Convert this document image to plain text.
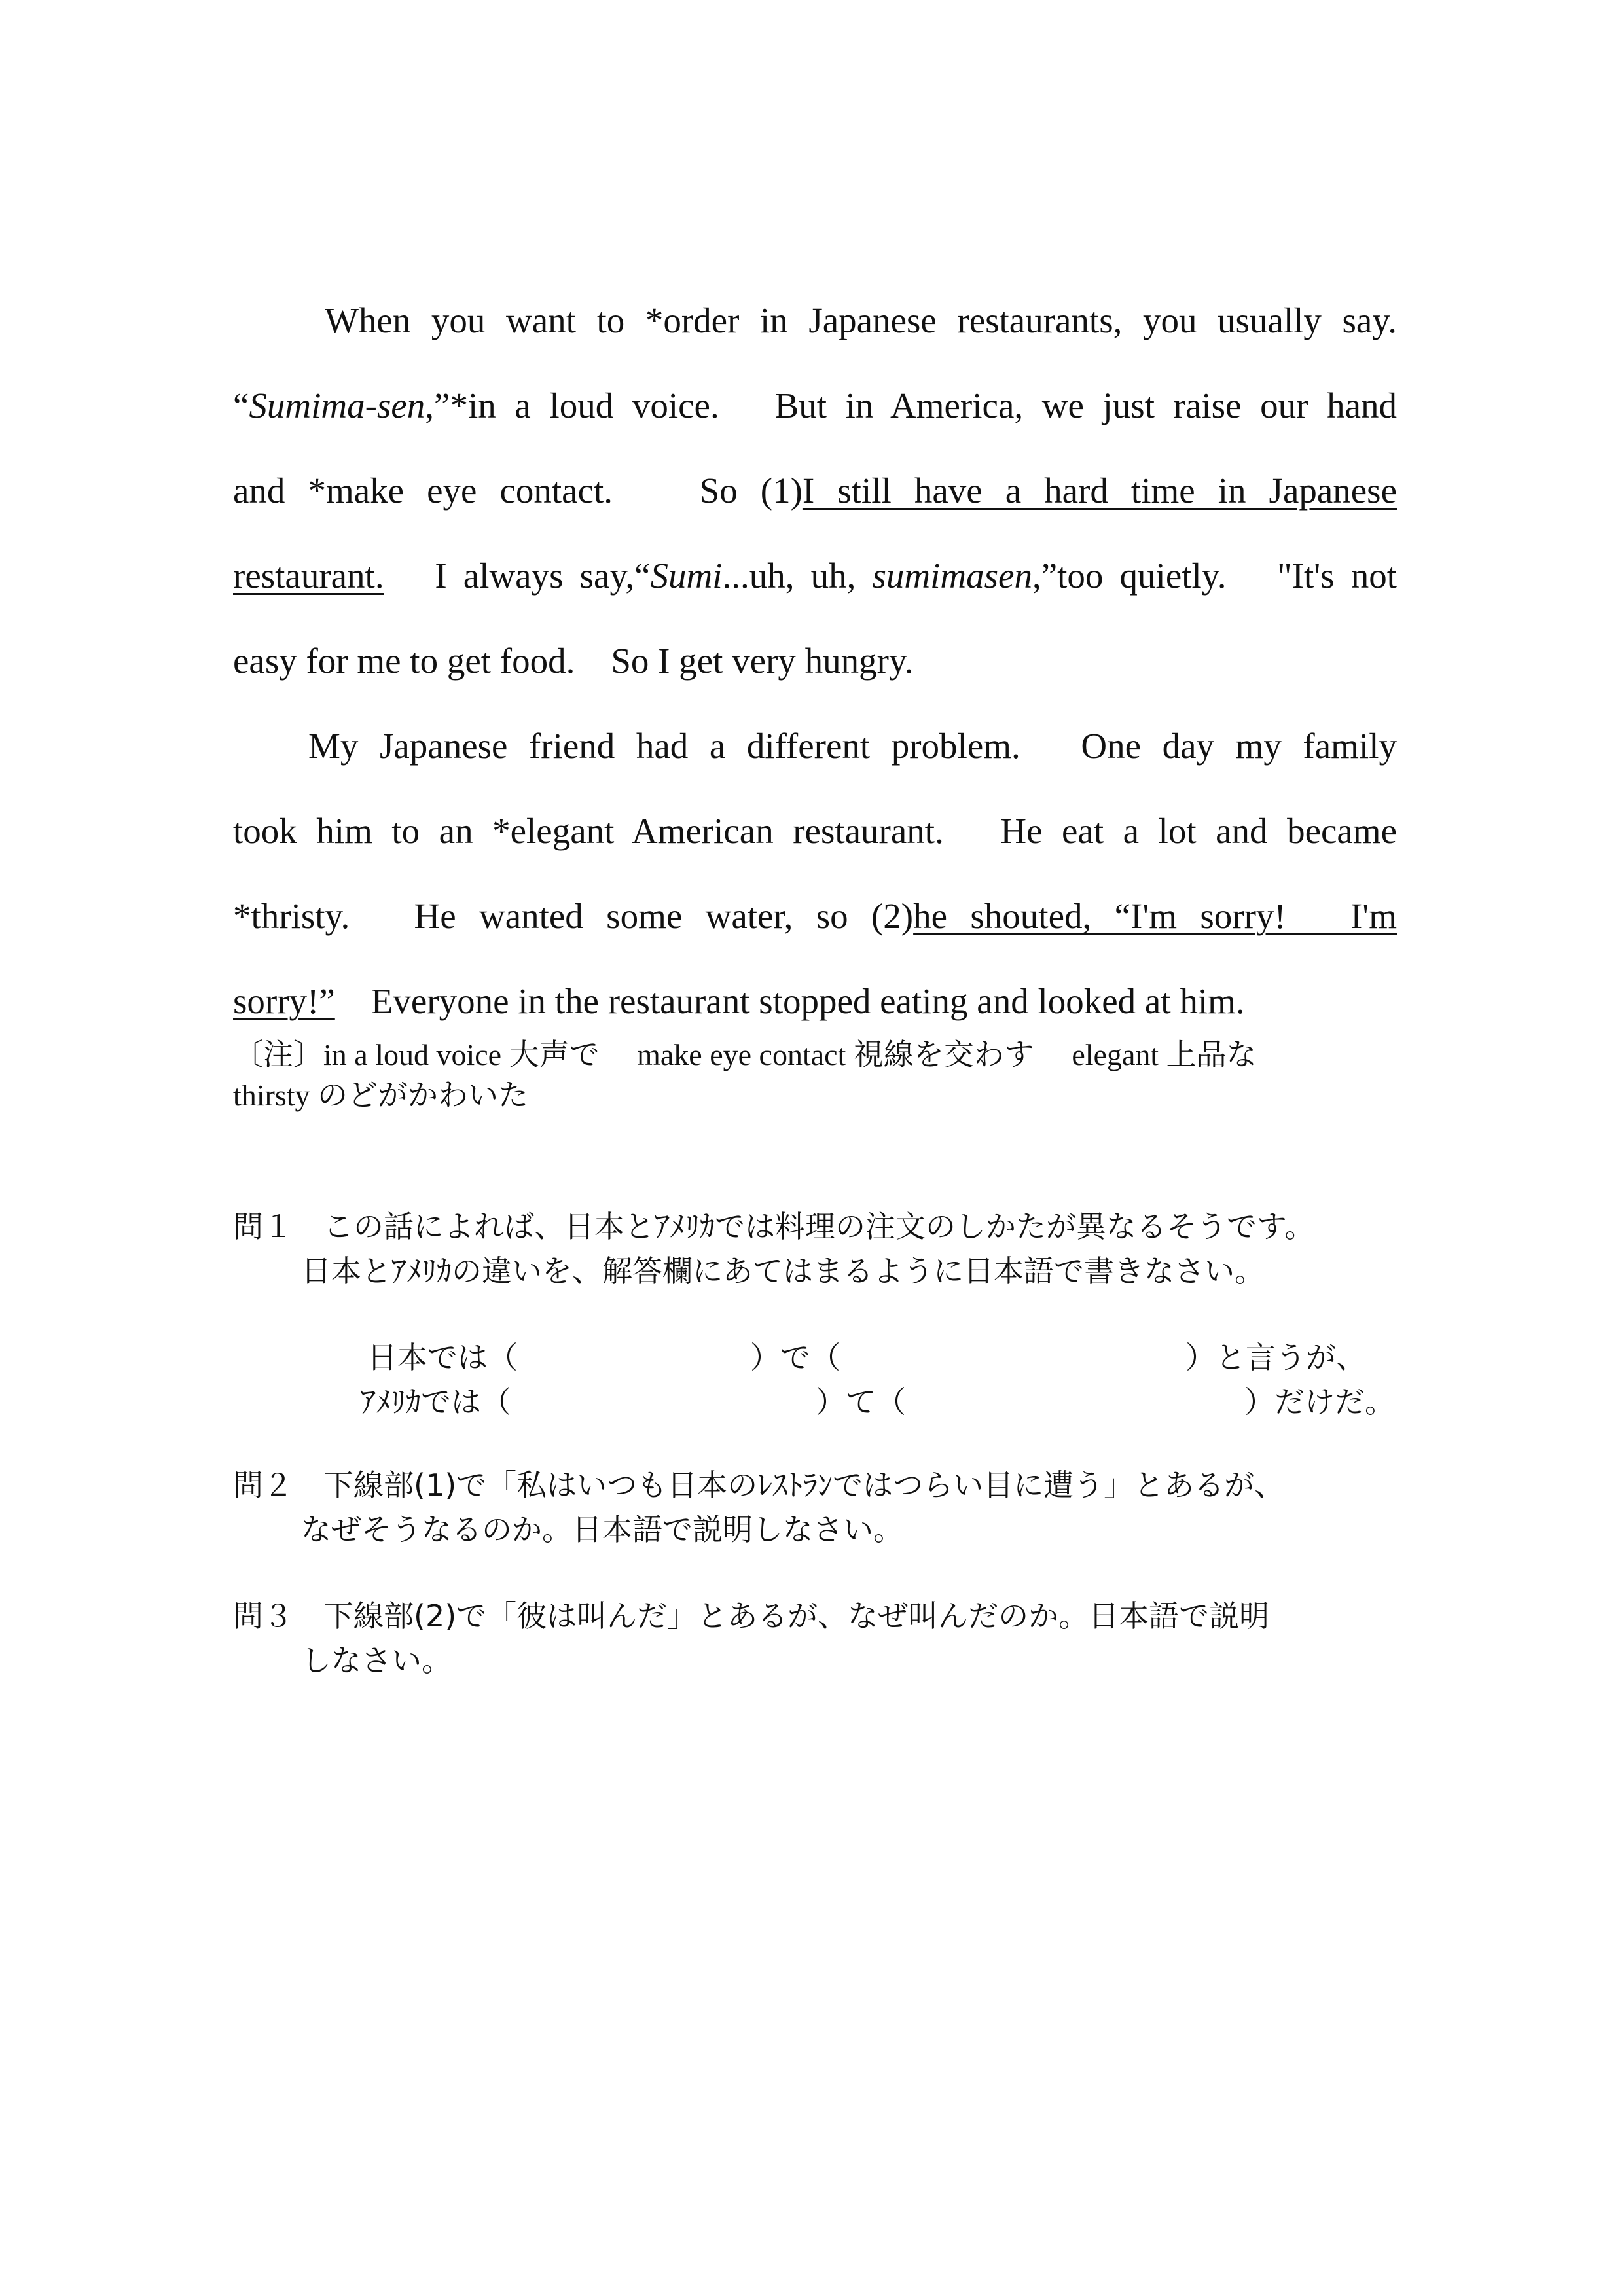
When you want to *order in Japanese restaurants, you usually say.
“Sumima-sen,”*in a loud voice.　But in America, we just raise our hand
and *make eye contact.　 So (1)I still have a hard time in Japanese
restaurant.　I always say,“Sumi...uh, uh, sumimasen,”too quietly.　"It's not
easy for me to get food.　So I get very hungry.
My Japanese friend had a different problem.　One day my family
took him to an *elegant American restaurant.　He eat a lot and became
*thristy.　He wanted some water, so (2)he shouted, “I'm sorry!　I'm
sorry!”　Everyone in the restaurant stopped eating and looked at him.
〔注〕in a loud voice 大声で　 make eye contact 視線を交わす　 elegant 上品な
thirsty のどがかわいた
問１　この話によれば、日本とｱﾒﾘｶでは料理の注文のしかたが異なるそうです。
日本とｱﾒﾘｶの違いを、解答欄にあてはまるように日本語で書きなさい。
日本では（	）で（	）と言うが、
ｱﾒﾘｶでは（	）て（	）だけだ。
問２　下線部(1)で「私はいつも日本のﾚｽﾄﾗﾝではつらい目に遭う」とあるが、
なぜそうなるのか。日本語で説明しなさい。
問３　下線部(2)で「彼は叫んだ」とあるが、なぜ叫んだのか。日本語で説明
しなさい。
